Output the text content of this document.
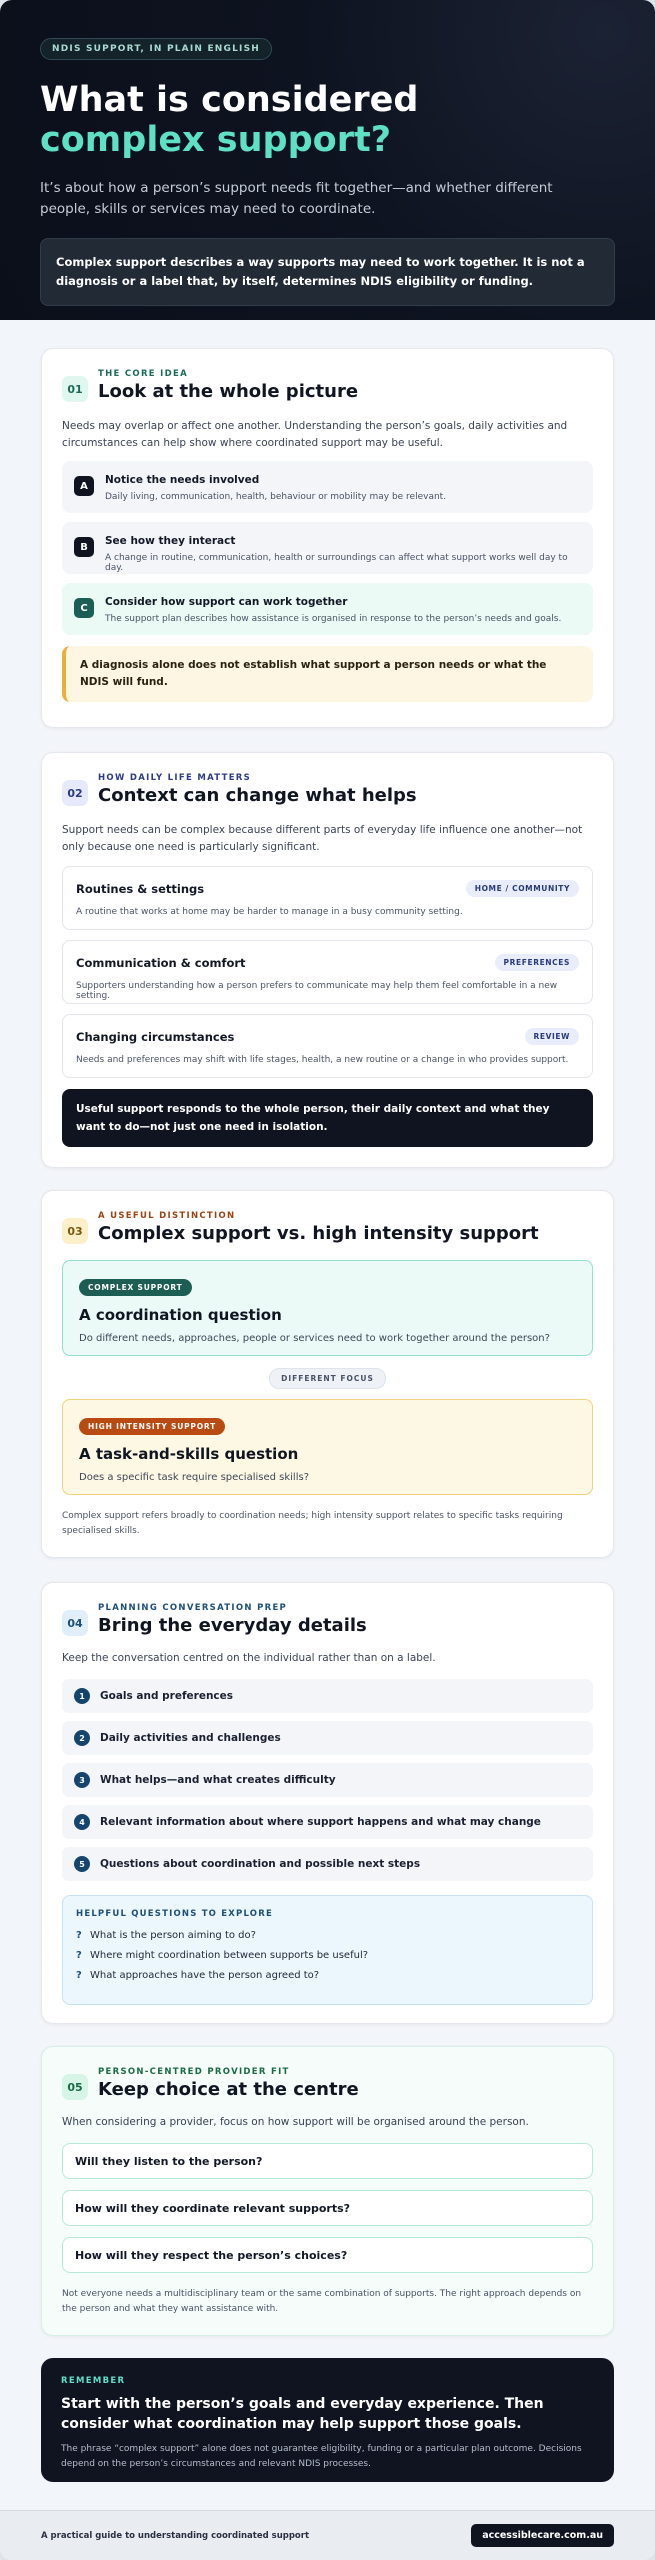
NDIS SUPPORT, IN PLAIN ENGLISH
What is considered
complex support?
It’s about how a person’s support needs fit together—and whether different people, skills or services may need to coordinate.
Complex support describes a way supports may need to work together. It is not a diagnosis or a label that, by itself, determines NDIS eligibility or funding.
01
THE CORE IDEA
Look at the whole picture
Needs may overlap or affect one another. Understanding the person’s goals, daily activities and circumstances can help show where coordinated support may be useful.
A	Notice the needs involved
Daily living, communication, health, behaviour or mobility may be relevant.
B	See how they interact
A change in routine, communication, health or surroundings can affect what support works well day to day.
C	Consider how support can work together
The support plan describes how assistance is organised in response to the person’s needs and goals.
A diagnosis alone does not establish what support a person needs or what the NDIS will fund.
02
HOW DAILY LIFE MATTERS
Context can change what helps
Support needs can be complex because different parts of everyday life influence one another—not only because one need is particularly significant.
Routines & settings	HOME / COMMUNITY
A routine that works at home may be harder to manage in a busy community setting.
Communication & comfort	PREFERENCES
Supporters understanding how a person prefers to communicate may help them feel comfortable in a new setting.
Changing circumstances	REVIEW
Needs and preferences may shift with life stages, health, a new routine or a change in who provides support.
Useful support responds to the whole person, their daily context and what they want to do—not just one need in isolation.
03
A USEFUL DISTINCTION
Complex support vs. high intensity support
COMPLEX SUPPORT
A coordination question
Do different needs, approaches, people or services need to work together around the person?
DIFFERENT FOCUS
HIGH INTENSITY SUPPORT
A task-and-skills question
Does a specific task require specialised skills?
Complex support refers broadly to coordination needs; high intensity support relates to specific tasks requiring specialised skills.
04
PLANNING CONVERSATION PREP
Bring the everyday details
Keep the conversation centred on the individual rather than on a label.
1	Goals and preferences
2	Daily activities and challenges
3	What helps—and what creates difficulty
4	Relevant information about where support happens and what may change
5	Questions about coordination and possible next steps
HELPFUL QUESTIONS TO EXPLORE
? What is the person aiming to do?
? Where might coordination between supports be useful?
? What approaches have the person agreed to?
05
PERSON-CENTRED PROVIDER FIT
Keep choice at the centre
When considering a provider, focus on how support will be organised around the person.
Will they listen to the person?
How will they coordinate relevant supports?
How will they respect the person’s choices?
Not everyone needs a multidisciplinary team or the same combination of supports. The right approach depends on the person and what they want assistance with.
REMEMBER
Start with the person’s goals and everyday experience. Then consider what coordination may help support those goals.
The phrase “complex support” alone does not guarantee eligibility, funding or a particular plan outcome. Decisions depend on the person’s circumstances and relevant NDIS processes.
A practical guide to understanding coordinated support	accessiblecare.com.au
